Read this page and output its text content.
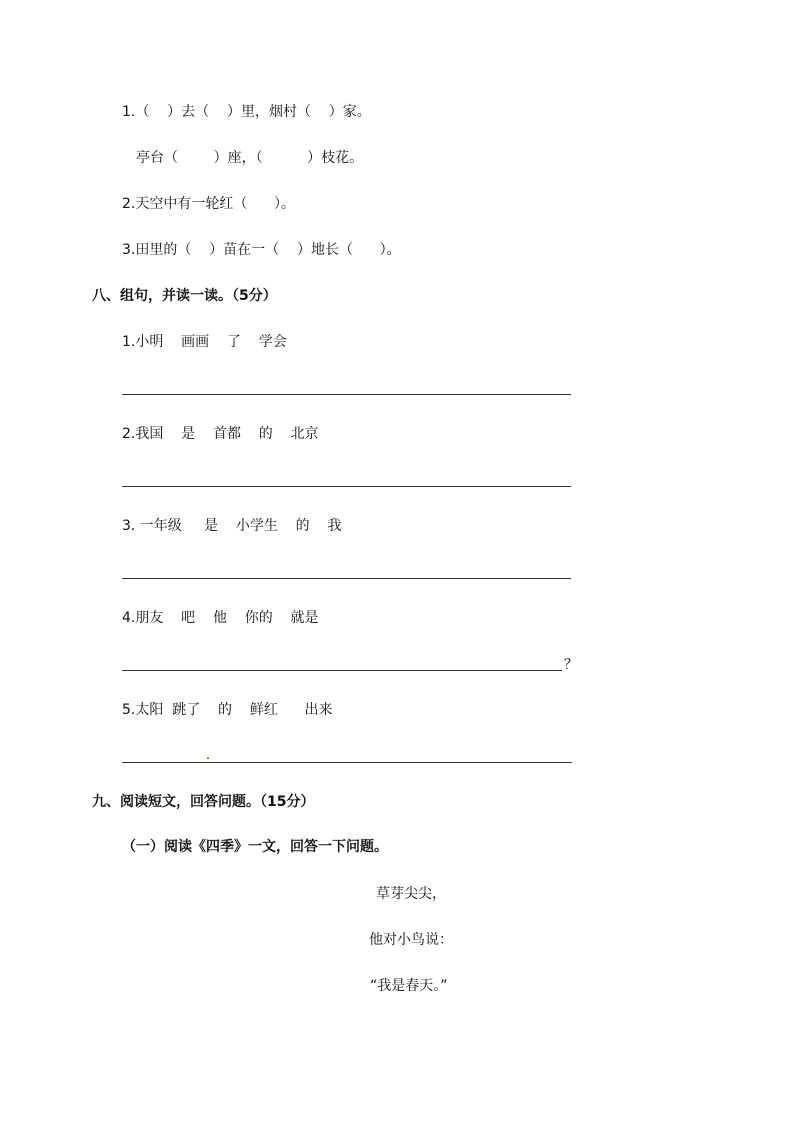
1.（    ）去（    ）里，烟村（    ）家。
亭台（        ）座，（          ）枝花。
2.天空中有一轮红（      ）。
3.田里的（    ）苗在一（    ）地长（      ）。
八、组句，并读一读。（5分）
1.小明    画画    了    学会
2.我国    是    首都    的    北京
3. 一年级     是    小学生    的    我
4.朋友    吧    他    你的    就是
？
5.太阳  跳了    的    鲜红      出来
九、阅读短文，回答问题。（15分）
（一）阅读《四季》一文，回答一下问题。
草芽尖尖，
他对小鸟说：
“我是春天。”
